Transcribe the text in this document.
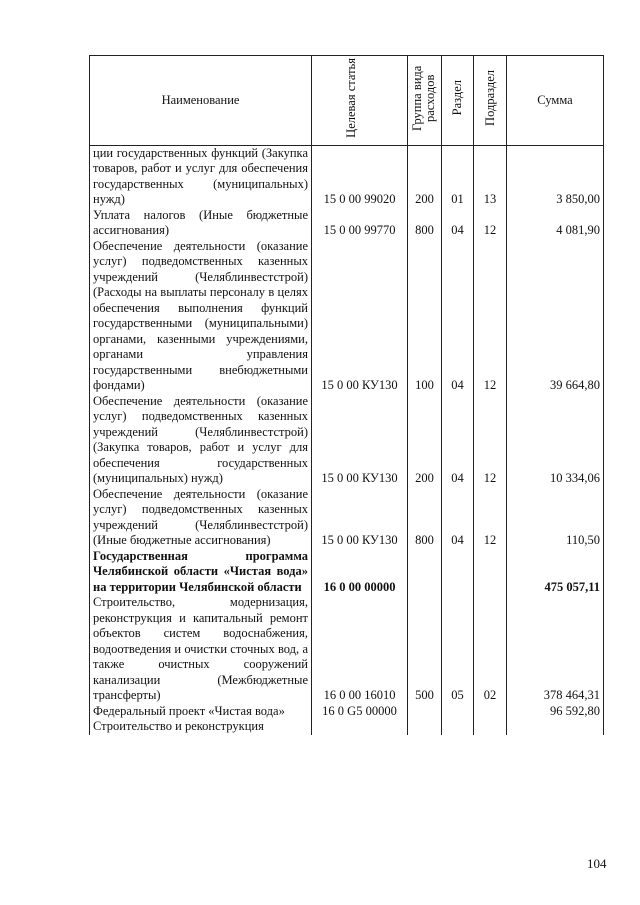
Наименование	Целевая статья	Группа вида расходов	Раздел	Подраздел	Сумма
ции государственных функций (Закупка товаров, работ и услуг для обеспечения государственных (муниципальных) нужд)	15 0 00 99020	200	01	13	3 850,00
Уплата налогов (Иные бюджетные ассигнования)	15 0 00 99770	800	04	12	4 081,90
Обеспечение деятельности (оказание услуг) подведомственных казенных учреждений (Челяблинвестстрой) (Расходы на выплаты персоналу в целях обеспечения выполнения функций государственными (муниципальными) органами, казенными учреждениями, органами управления государственными внебюджетными фондами)	15 0 00 КУ130	100	04	12	39 664,80
Обеспечение деятельности (оказание услуг) подведомственных казенных учреждений (Челяблинвестстрой) (Закупка товаров, работ и услуг для обеспечения государственных (муниципальных) нужд)	15 0 00 КУ130	200	04	12	10 334,06
Обеспечение деятельности (оказание услуг) подведомственных казенных учреждений (Челяблинвестстрой) (Иные бюджетные ассигнования)	15 0 00 КУ130	800	04	12	110,50
Государственная программа Челябинской области «Чистая вода» на территории Челябинской области	16 0 00 00000				475 057,11
Строительство, модернизация, реконструкция и капитальный ремонт объектов систем водоснабжения, водоотведения и очистки сточных вод, а также очистных сооружений канализации (Межбюджетные трансферты)	16 0 00 16010	500	05	02	378 464,31
Федеральный проект «Чистая вода»	16 0 G5 00000				96 592,80
Строительство и реконструкция					
104
